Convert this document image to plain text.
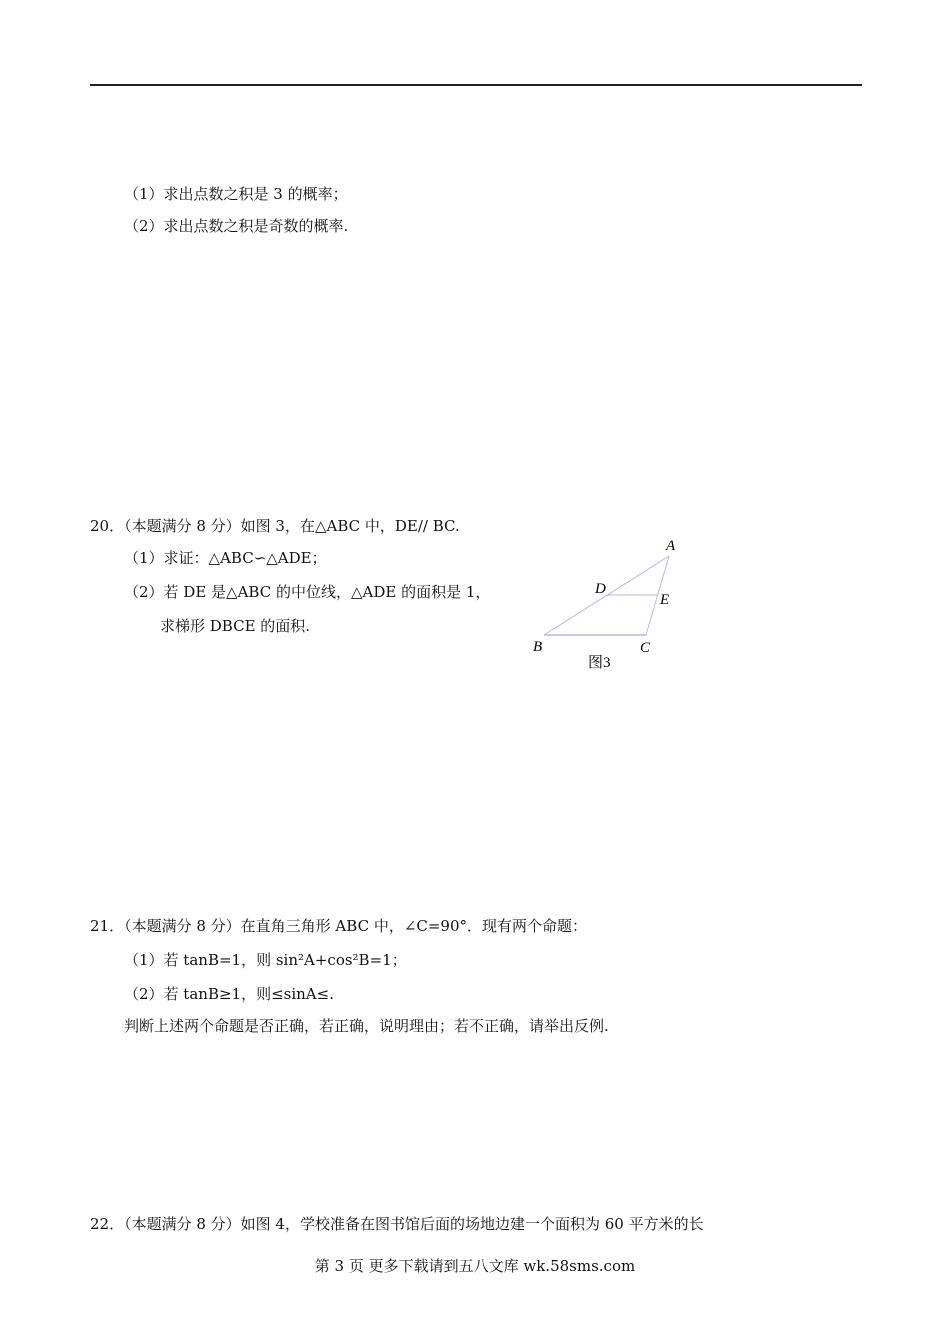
（1）求出点数之积是 3 的概率；
（2）求出点数之积是奇数的概率.
20．（本题满分 8 分）如图 3，在△ABC 中，DE// BC.
（1）求证：△ABC∽△ADE；
（2）若 DE 是△ABC 的中位线，△ADE 的面积是 1，
求梯形 DBCE 的面积.
A
B	C
D
E
图3
21．（本题满分 8 分）在直角三角形 ABC 中，∠C=90°．现有两个命题：
（1）若 tanB=1，则 sin²A+cos²B=1；
（2）若 tanB≥1，则≤sinA≤.
判断上述两个命题是否正确，若正确，说明理由；若不正确，请举出反例.
22．（本题满分 8 分）如图 4，学校准备在图书馆后面的场地边建一个面积为 60 平方米的长
第 3 页 更多下载请到五八文库 wk.58sms.com
